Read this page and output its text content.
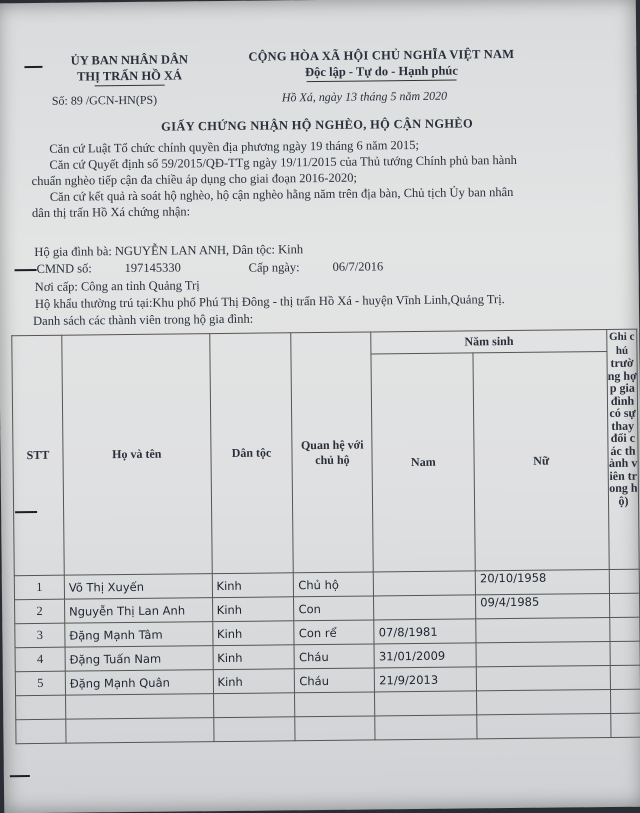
ỦY BAN NHÂN DÂN
THỊ TRẤN HỒ XÁ
Số: 89 /GCN-HN(PS)
CỘNG HÒA XÃ HỘI CHỦ NGHĨA VIỆT NAM
Độc lập - Tự do - Hạnh phúc
Hồ Xá, ngày 13 tháng 5 năm 2020
GIẤY CHỨNG NHẬN HỘ NGHÈO, HỘ CẬN NGHÈO
Căn cứ Luật Tổ chức chính quyền địa phương ngày 19 tháng 6 năm 2015;
Căn cứ Quyết định số 59/2015/QĐ-TTg ngày 19/11/2015 của Thủ tướng Chính phủ ban hành
chuẩn nghèo tiếp cận đa chiều áp dụng cho giai đoạn 2016-2020;
Căn cứ kết quả rà soát hộ nghèo, hộ cận nghèo hằng năm trên địa bàn, Chủ tịch Ủy ban nhân
dân thị trấn Hồ Xá chứng nhận:
Hộ gia đình bà: NGUYỄN LAN ANH, Dân tộc: Kinh
CMND số:	197145330	Cấp ngày:	06/7/2016
Nơi cấp: Công an tỉnh Quảng Trị
Hộ khẩu thường trú tại:Khu phố Phú Thị Đông - thị trấn Hồ Xá - huyện Vĩnh Linh,Quảng Trị.
Danh sách các thành viên trong hộ gia đình:
STT	Họ và tên	Dân tộc	Quan hệ với chủ hộ	Năm sinh		Ghi chú
trường hợp gia đình có sự thay đổi các thành viên trong hộ)
				Nam	Nữ	
1	Võ Thị Xuyến	Kinh	Chủ hộ		20/10/1958	
2	Nguyễn Thị Lan Anh	Kinh	Con		09/4/1985	
3	Đặng Mạnh Tâm	Kinh	Con rể	07/8/1981		
4	Đặng Tuấn Nam	Kinh	Cháu	31/01/2009		
5	Đặng Mạnh Quân	Kinh	Cháu	21/9/2013		
